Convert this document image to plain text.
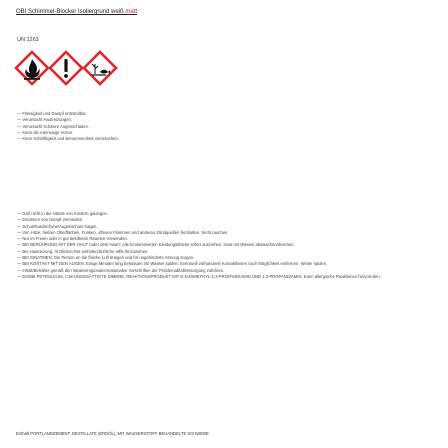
OBI Schimmel-Blocker Isoliergrund weiß matt
UN 1263
— Flüssigkeit und Dampf entzündbar.
— Verursacht Hautreizungen.
— Verursacht schwere Augenschäden.
— Kann die Atemwege reizen.
— Kann Schläfrigkeit und Benommenheit verursachen.
— Darf nicht in die Hände von Kindern gelangen.
— Einatmen von Dampf vermeiden.
— Schutzhandschuhe/Augenschutz tragen.
— Von Hitze, heißen Oberflächen, Funken, offenen Flammen und anderen Zündquellen fernhalten. Nicht rauchen.
— Nur im Freien oder in gut belüfteten Räumen verwenden.
— BEI BERÜHRUNG MIT DER HAUT (oder dem Haar): Alle kontaminierten Kleidungsstücke sofort ausziehen. Haut mit Wasser abwaschen/duschen.
— Bei Hautreizung: Ärztlichen Rat einholen/ärztliche Hilfe hinzuziehen.
— BEI EINATMEN: Die Person an die frische Luft bringen und für ungehinderte Atmung sorgen.
— BEI KONTAKT MIT DEN AUGEN: Einige Minuten lang behutsam mit Wasser spülen. Eventuell vorhandene Kontaktlinsen nach Möglichkeit entfernen. Weiter spülen.
— Inhalt/Behälter gemäß den lokalen/regionalen/nationalen Vorschriften der Problemabfallentsorgung zuführen.
— Enthält PETROLEUM, C18-UNGESÄTTIGTE DIMERE, REAKTIONSPRODUKT MIT N,N-DIMETHYL-1,3-PROPANDIAMIN UND 1,3-PROPANDIAMIN. Kann allergische Reaktionen hervorrufen.
Enthält PORTLANDZEMENT; DESTILLATE (ERDÖL), MIT WASSERSTOFF BEHANDELTE SCHWERE
